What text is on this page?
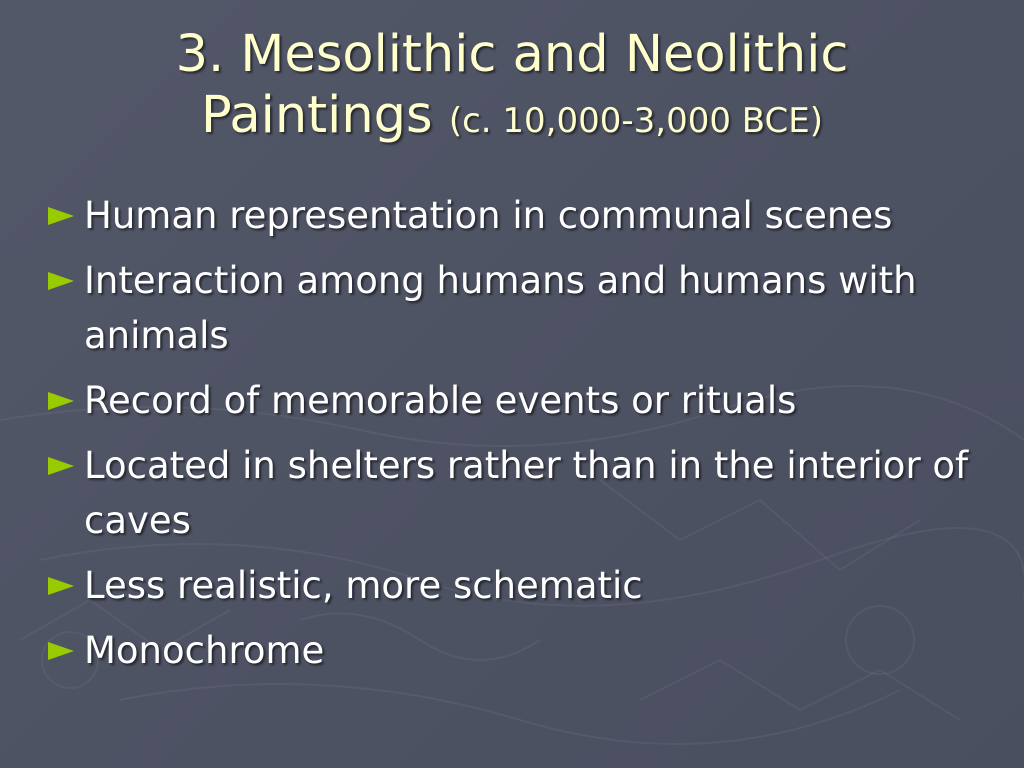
3. Mesolithic and Neolithic
Paintings (c. 10,000-3,000 BCE)
Human representation in communal scenes
Interaction among humans and humans with animals
Record of memorable events or rituals
Located in shelters rather than in the interior of caves
Less realistic, more schematic
Monochrome
